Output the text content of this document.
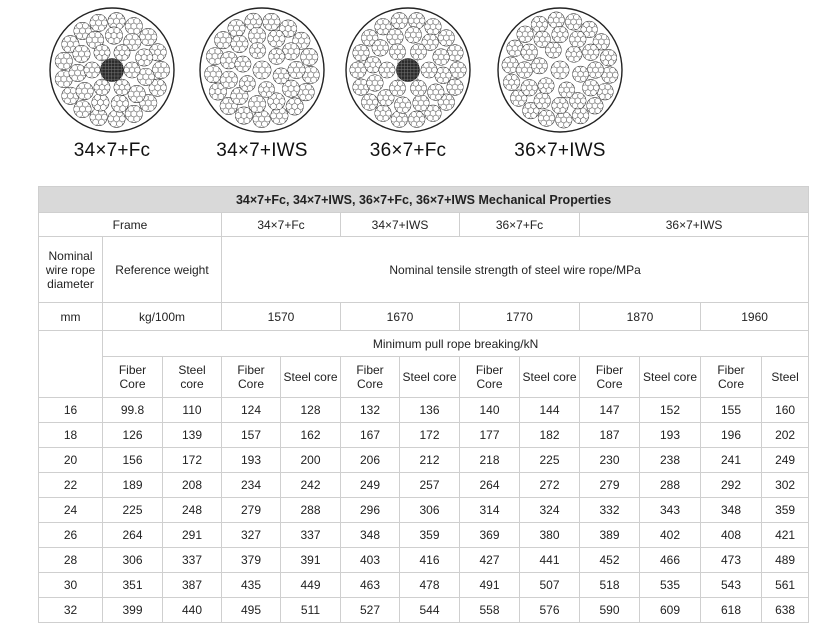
34×7+Fc	34×7+IWS	36×7+Fc	36×7+IWS
34×7+Fc, 34×7+IWS, 36×7+Fc, 36×7+IWS Mechanical Properties												
Frame			34×7+Fc		34×7+IWS		36×7+Fc		36×7+IWS			
Nominal wire rope diameter	Reference weight		Nominal tensile strength of steel wire rope/MPa									
mm	kg/100m		1570		1670		1770		1870		1960	
	Minimum pull rope breaking/kN											
	Fiber Core	Steel core	Fiber Core	Steel core	Fiber Core	Steel core	Fiber Core	Steel core	Fiber Core	Steel core	Fiber Core	Steel
16	99.8	110	124	128	132	136	140	144	147	152	155	160
18	126	139	157	162	167	172	177	182	187	193	196	202
20	156	172	193	200	206	212	218	225	230	238	241	249
22	189	208	234	242	249	257	264	272	279	288	292	302
24	225	248	279	288	296	306	314	324	332	343	348	359
26	264	291	327	337	348	359	369	380	389	402	408	421
28	306	337	379	391	403	416	427	441	452	466	473	489
30	351	387	435	449	463	478	491	507	518	535	543	561
32	399	440	495	511	527	544	558	576	590	609	618	638
